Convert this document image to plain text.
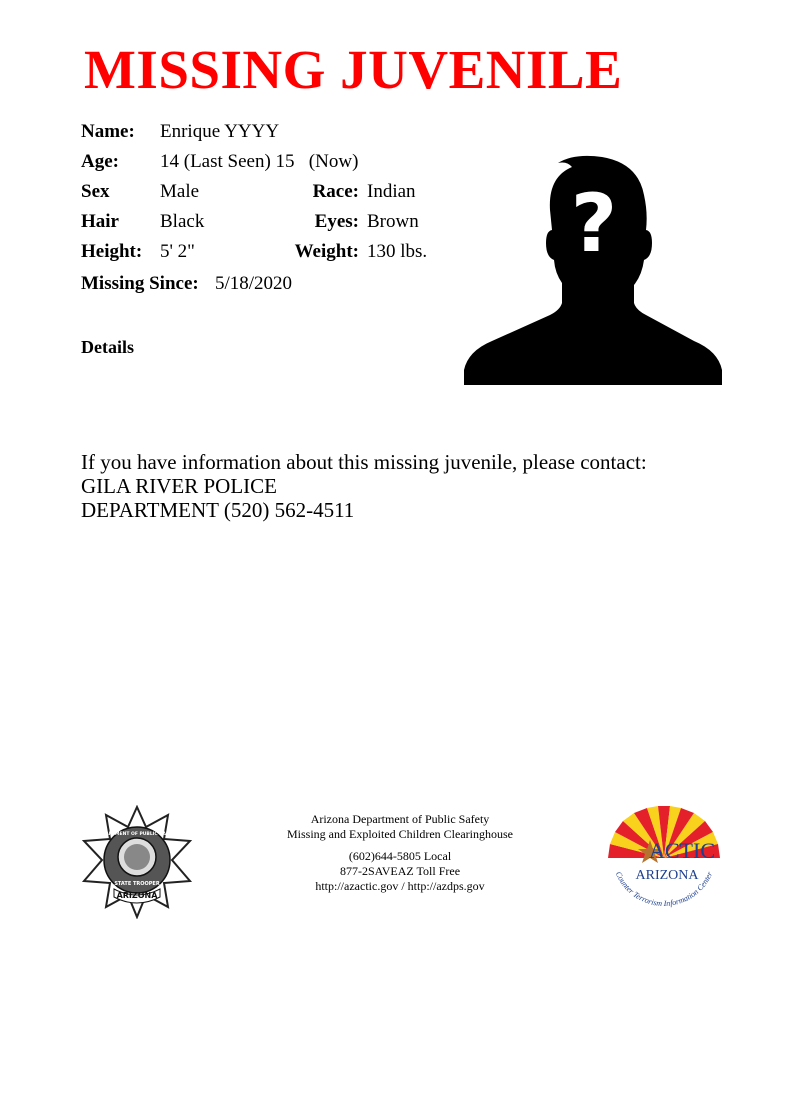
MISSING JUVENILE
Name: Enrique YYYY
Age: 14 (Last Seen) 15   (Now)
Sex	Male	Race: Indian
Hair Black	Eyes: Brown
Height: 5' 2"	Weight: 130 lbs.
Missing Since: 5/18/2020
Details
?
If you have information about this missing juvenile, please contact:
GILA RIVER POLICE
DEPARTMENT (520) 562-4511
ARIZONA
STATE TROOPER
DEPARTMENT OF PUBLIC SAFETY
Arizona Department of Public Safety
Missing and Exploited Children Clearinghouse
(602)644-5805 Local
877-2SAVEAZ Toll Free
http://azactic.gov / http://azdps.gov
ACTIC
ARIZONA
Counter Terrorism Information Center
